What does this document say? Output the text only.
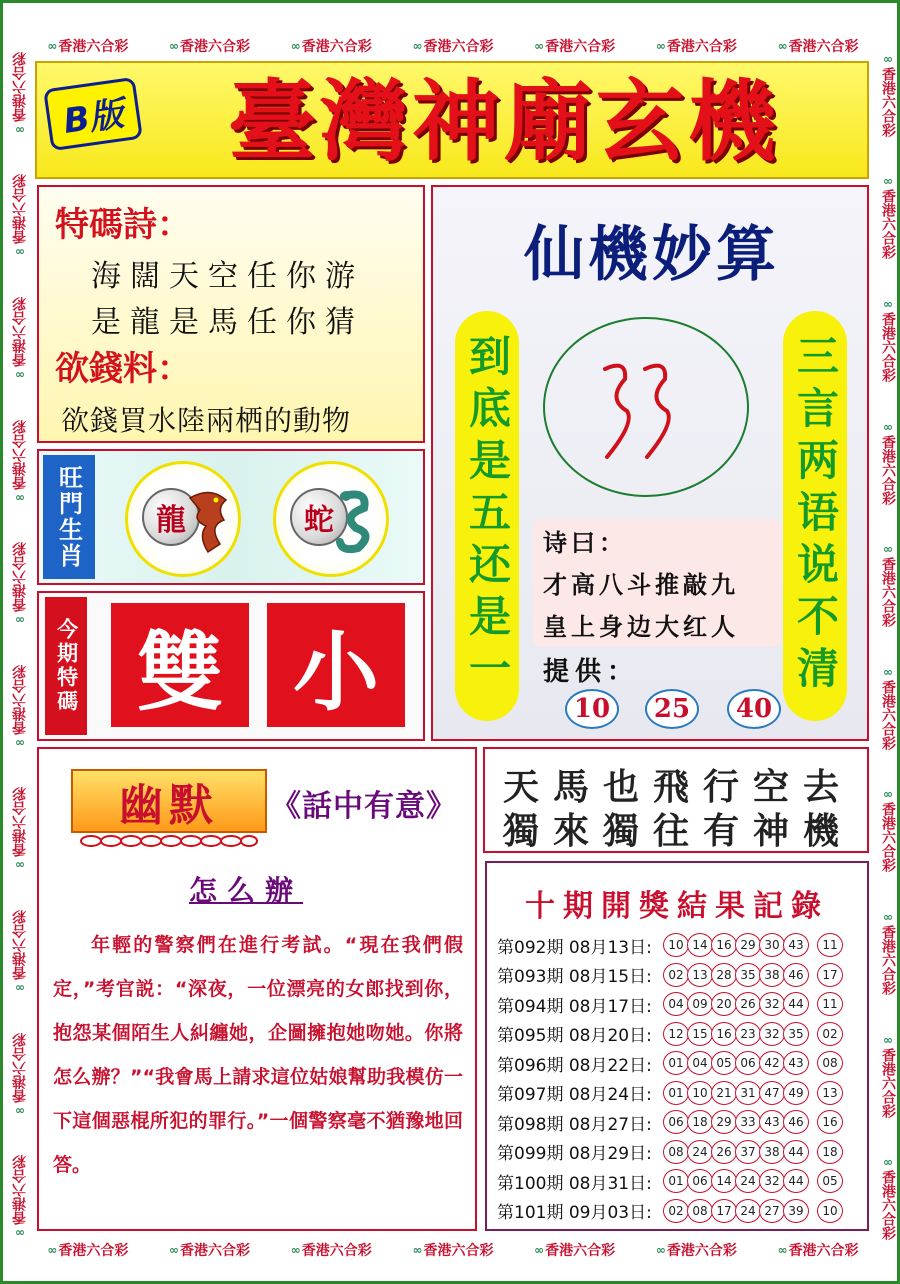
∞ 香港六合彩	∞ 香港六合彩	∞ 香港六合彩	∞ 香港六合彩	∞ 香港六合彩	∞ 香港六合彩	∞ 香港六合彩
∞ 香港六合彩	∞ 香港六合彩	∞ 香港六合彩	∞ 香港六合彩	∞ 香港六合彩	∞ 香港六合彩	∞ 香港六合彩
∞
香港六合彩
∞
香港六合彩
∞
香港六合彩
∞
香港六合彩
∞
香港六合彩
∞
香港六合彩
∞
香港六合彩
∞
香港六合彩
∞
香港六合彩
∞
香港六合彩
∞
香港六合彩
∞
香港六合彩
∞
香港六合彩
∞
香港六合彩
∞
香港六合彩
∞
香港六合彩
∞
香港六合彩
∞
香港六合彩
∞
香港六合彩
∞
香港六合彩
B版	臺灣神廟玄機
特碼詩：
海闊天空任你游
是龍是馬任你猜
欲錢料：
欲錢買水陸兩栖的動物
旺門生肖	龍	蛇
今期特碼 雙 小
仙機妙算
到底是五还是一	三言两语说不清
诗曰：
才高八斗推敲九
皇上身边大红人
提供：
10	25	40
幽默	《話中有意》
怎么辦
年輕的警察們在進行考試。“現在我們假定，”考官説：“深夜，一位漂亮的女郎找到你，抱怨某個陌生人糾纏她，企圖擁抱她吻她。你將怎么辦？”“我會馬上請求這位姑娘幫助我模仿一下這個惡棍所犯的罪行。”一個警察毫不猶豫地回答。
天馬也飛行空去
獨來獨往有神機
十期開獎結果記錄
第092期 08月13日:	10 14 16 29 30 43	11
第093期 08月15日:	02 13 28 35 38 46	17
第094期 08月17日:	04 09 20 26 32 44	11
第095期 08月20日:	12 15 16 23 32 35	02
第096期 08月22日:	01 04 05 06 42 43	08
第097期 08月24日:	01 10 21 31 47 49	13
第098期 08月27日:	06 18 29 33 43 46	16
第099期 08月29日:	08 24 26 37 38 44	18
第100期 08月31日:	01 06 14 24 32 44	05
第101期 09月03日:	02 08 17 24 27 39	10
